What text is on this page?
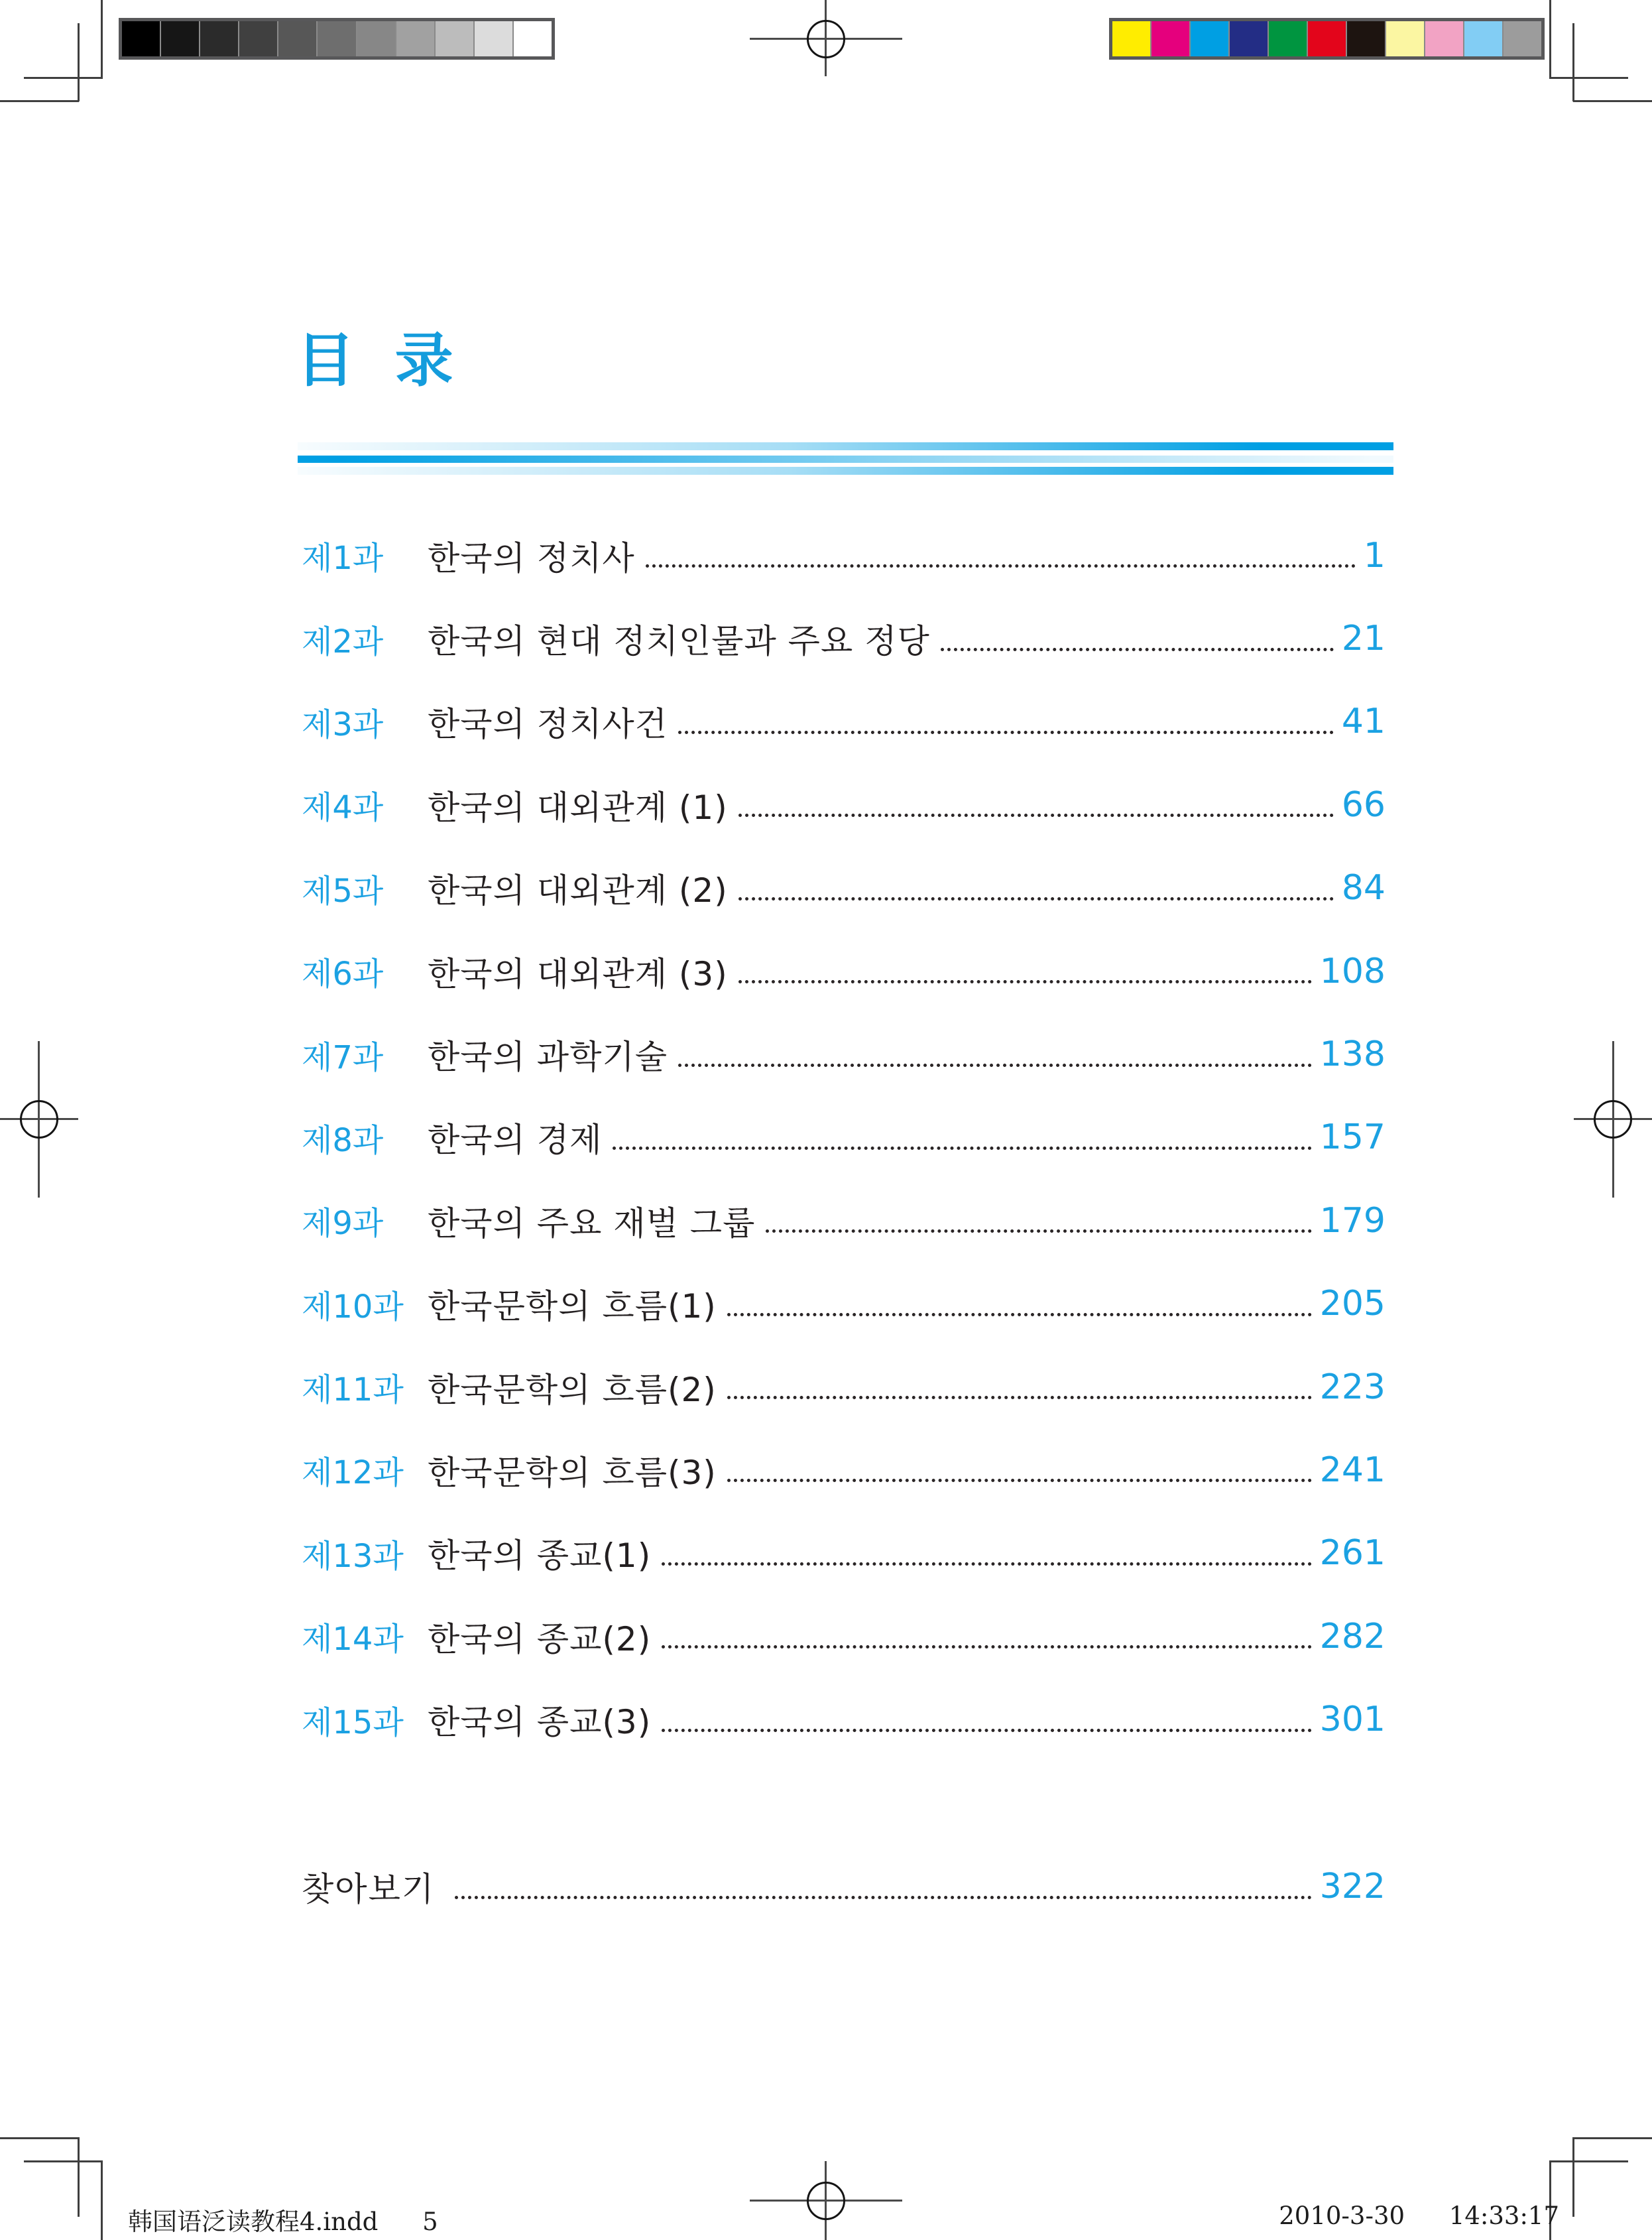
目 录
제1과	한국의 정치사	1
제2과	한국의 현대 정치인물과 주요 정당	21
제3과	한국의 정치사건	41
제4과	한국의 대외관계 (1)	66
제5과	한국의 대외관계 (2)	84
제6과	한국의 대외관계 (3)	108
제7과	한국의 과학기술	138
제8과	한국의 경제	157
제9과	한국의 주요 재벌 그룹	179
제10과 한국문학의 흐름(1)	205
제11과 한국문학의 흐름(2)	223
제12과 한국문학의 흐름(3)	241
제13과 한국의 종교(1)	261
제14과 한국의 종교(2)	282
제15과 한국의 종교(3)	301
찾아보기	322
韩国语泛读教程4.indd 5	2010-3-30 14:33:17
